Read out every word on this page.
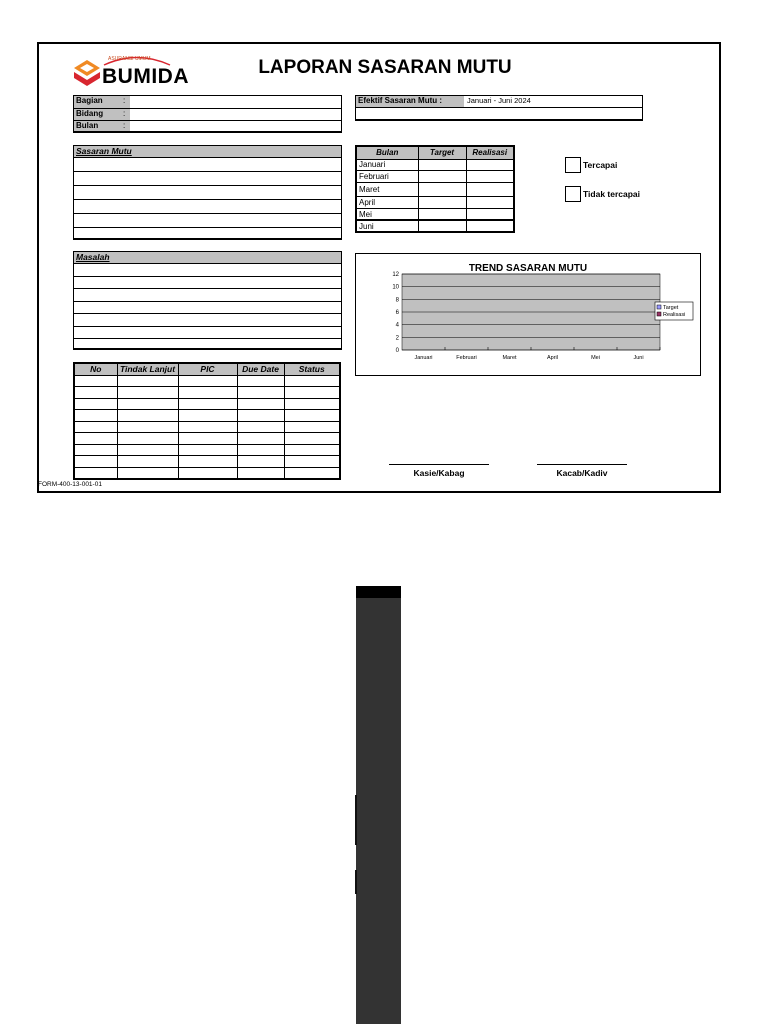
ASURANSI UMUM
BUMIDA	LAPORAN SASARAN MUTU
Bagian	:
Bidang :
Bulan	:
Efektif Sasaran Mutu :	Januari - Juni 2024
Sasaran Mutu
Masalah
Bulan	Target	Realisasi
Januari		
Februari		
Maret		
April		
Mei		
Juni		
Tercapai
Tidak tercapai
TREND SASARAN MUTU
0
2
4
6
8
10
12
Januari	Februari	Maret	April	Mei	Juni
Target
Realisasi
No	Tindak Lanjut	PIC	Due Date	Status

Kasie/Kabag	Kacab/Kadiv
FORM-400-13-001-01
